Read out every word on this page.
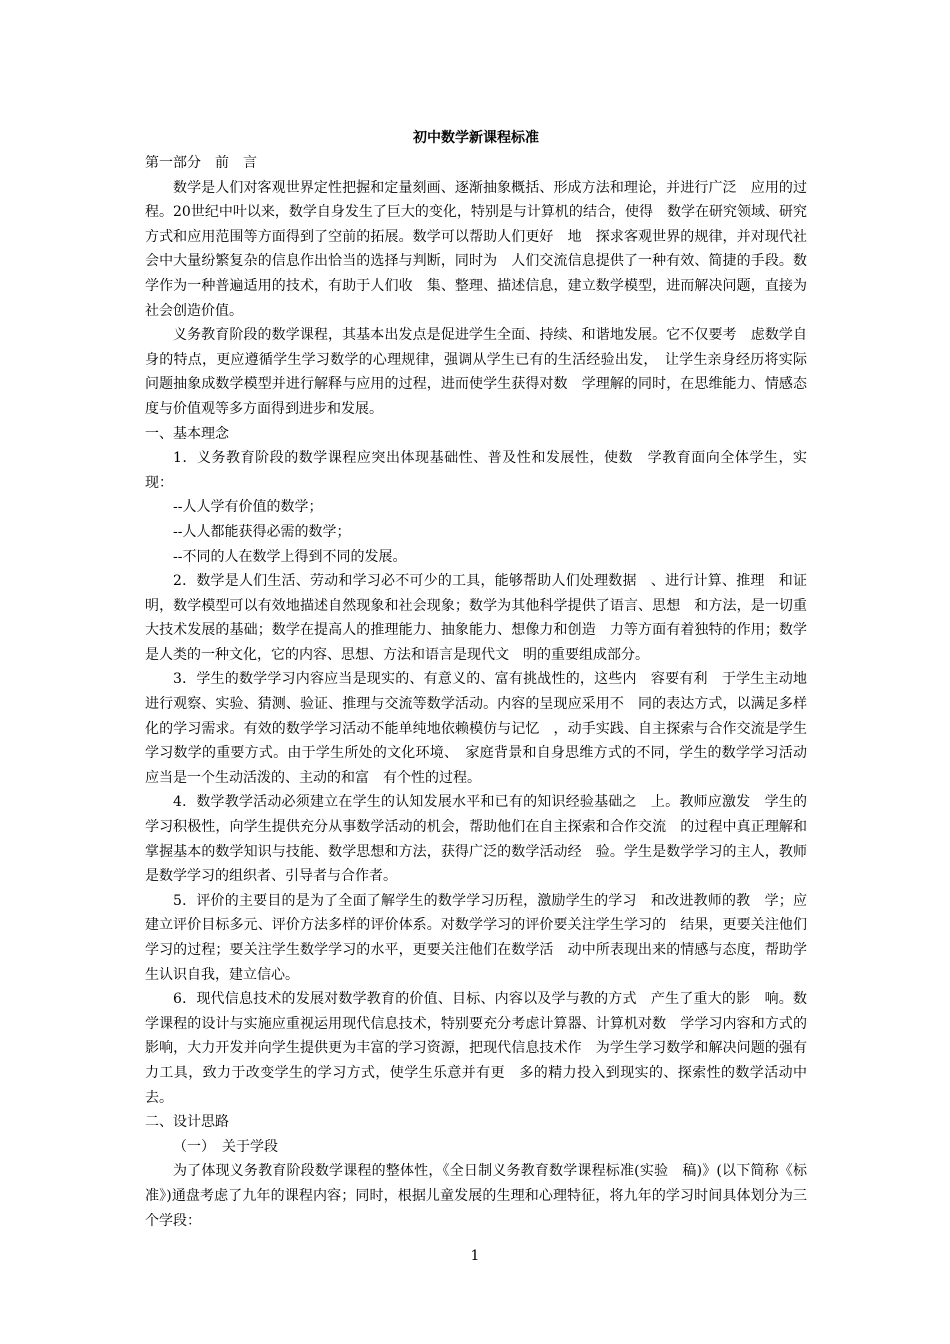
初中数学新课程标准

第一部分　前　言

数学是人们对客观世界定性把握和定量刻画、逐渐抽象概括、形成方法和理论，并进行广泛　应用的过程。20世纪中叶以来，数学自身发生了巨大的变化，特别是与计算机的结合，使得　数学在研究领域、研究方式和应用范围等方面得到了空前的拓展。数学可以帮助人们更好　地　探求客观世界的规律，并对现代社会中大量纷繁复杂的信息作出恰当的选择与判断，同时为　人们交流信息提供了一种有效、简捷的手段。数学作为一种普遍适用的技术，有助于人们收　集、整理、描述信息，建立数学模型，进而解决问题，直接为社会创造价值。

义务教育阶段的数学课程，其基本出发点是促进学生全面、持续、和谐地发展。它不仅要考　虑数学自身的特点，更应遵循学生学习数学的心理规律，强调从学生已有的生活经验出发，　让学生亲身经历将实际问题抽象成数学模型并进行解释与应用的过程，进而使学生获得对数　学理解的同时，在思维能力、情感态度与价值观等多方面得到进步和发展。

一、基本理念

1．义务教育阶段的数学课程应突出体现基础性、普及性和发展性，使数　学教育面向全体学生，实现：

--人人学有价值的数学；

--人人都能获得必需的数学；

--不同的人在数学上得到不同的发展。

2．数学是人们生活、劳动和学习必不可少的工具，能够帮助人们处理数据　、进行计算、推理　和证明，数学模型可以有效地描述自然现象和社会现象；数学为其他科学提供了语言、思想　和方法，是一切重大技术发展的基础；数学在提高人的推理能力、抽象能力、想像力和创造　力等方面有着独特的作用；数学是人类的一种文化，它的内容、思想、方法和语言是现代文　明的重要组成部分。

3．学生的数学学习内容应当是现实的、有意义的、富有挑战性的，这些内　容要有利　于学生主动地进行观察、实验、猜测、验证、推理与交流等数学活动。内容的呈现应采用不　同的表达方式，以满足多样化的学习需求。有效的数学学习活动不能单纯地依赖模仿与记忆　，动手实践、自主探索与合作交流是学生学习数学的重要方式。由于学生所处的文化环境、　家庭背景和自身思维方式的不同，学生的数学学习活动应当是一个生动活泼的、主动的和富　有个性的过程。

4．数学教学活动必须建立在学生的认知发展水平和已有的知识经验基础之　上。教师应激发　学生的学习积极性，向学生提供充分从事数学活动的机会，帮助他们在自主探索和合作交流　的过程中真正理解和掌握基本的数学知识与技能、数学思想和方法，获得广泛的数学活动经　验。学生是数学学习的主人，教师是数学学习的组织者、引导者与合作者。

5．评价的主要目的是为了全面了解学生的数学学习历程，激励学生的学习　和改进教师的教　学；应建立评价目标多元、评价方法多样的评价体系。对数学学习的评价要关注学生学习的　结果，更要关注他们学习的过程；要关注学生数学学习的水平，更要关注他们在数学活　动中所表现出来的情感与态度，帮助学生认识自我，建立信心。

6．现代信息技术的发展对数学教育的价值、目标、内容以及学与教的方式　产生了重大的影　响。数学课程的设计与实施应重视运用现代信息技术，特别要充分考虑计算器、计算机对数　学学习内容和方式的影响，大力开发并向学生提供更为丰富的学习资源，把现代信息技术作　为学生学习数学和解决问题的强有力工具，致力于改变学生的学习方式，使学生乐意并有更　多的精力投入到现实的、探索性的数学活动中去。

二、设计思路

（一）　关于学段

为了体现义务教育阶段数学课程的整体性，《全日制义务教育数学课程标准(实验　稿)》(以下简称《标准》)通盘考虑了九年的课程内容；同时，根据儿童发展的生理和心理特征，将九年的学习时间具体划分为三个学段：

1
